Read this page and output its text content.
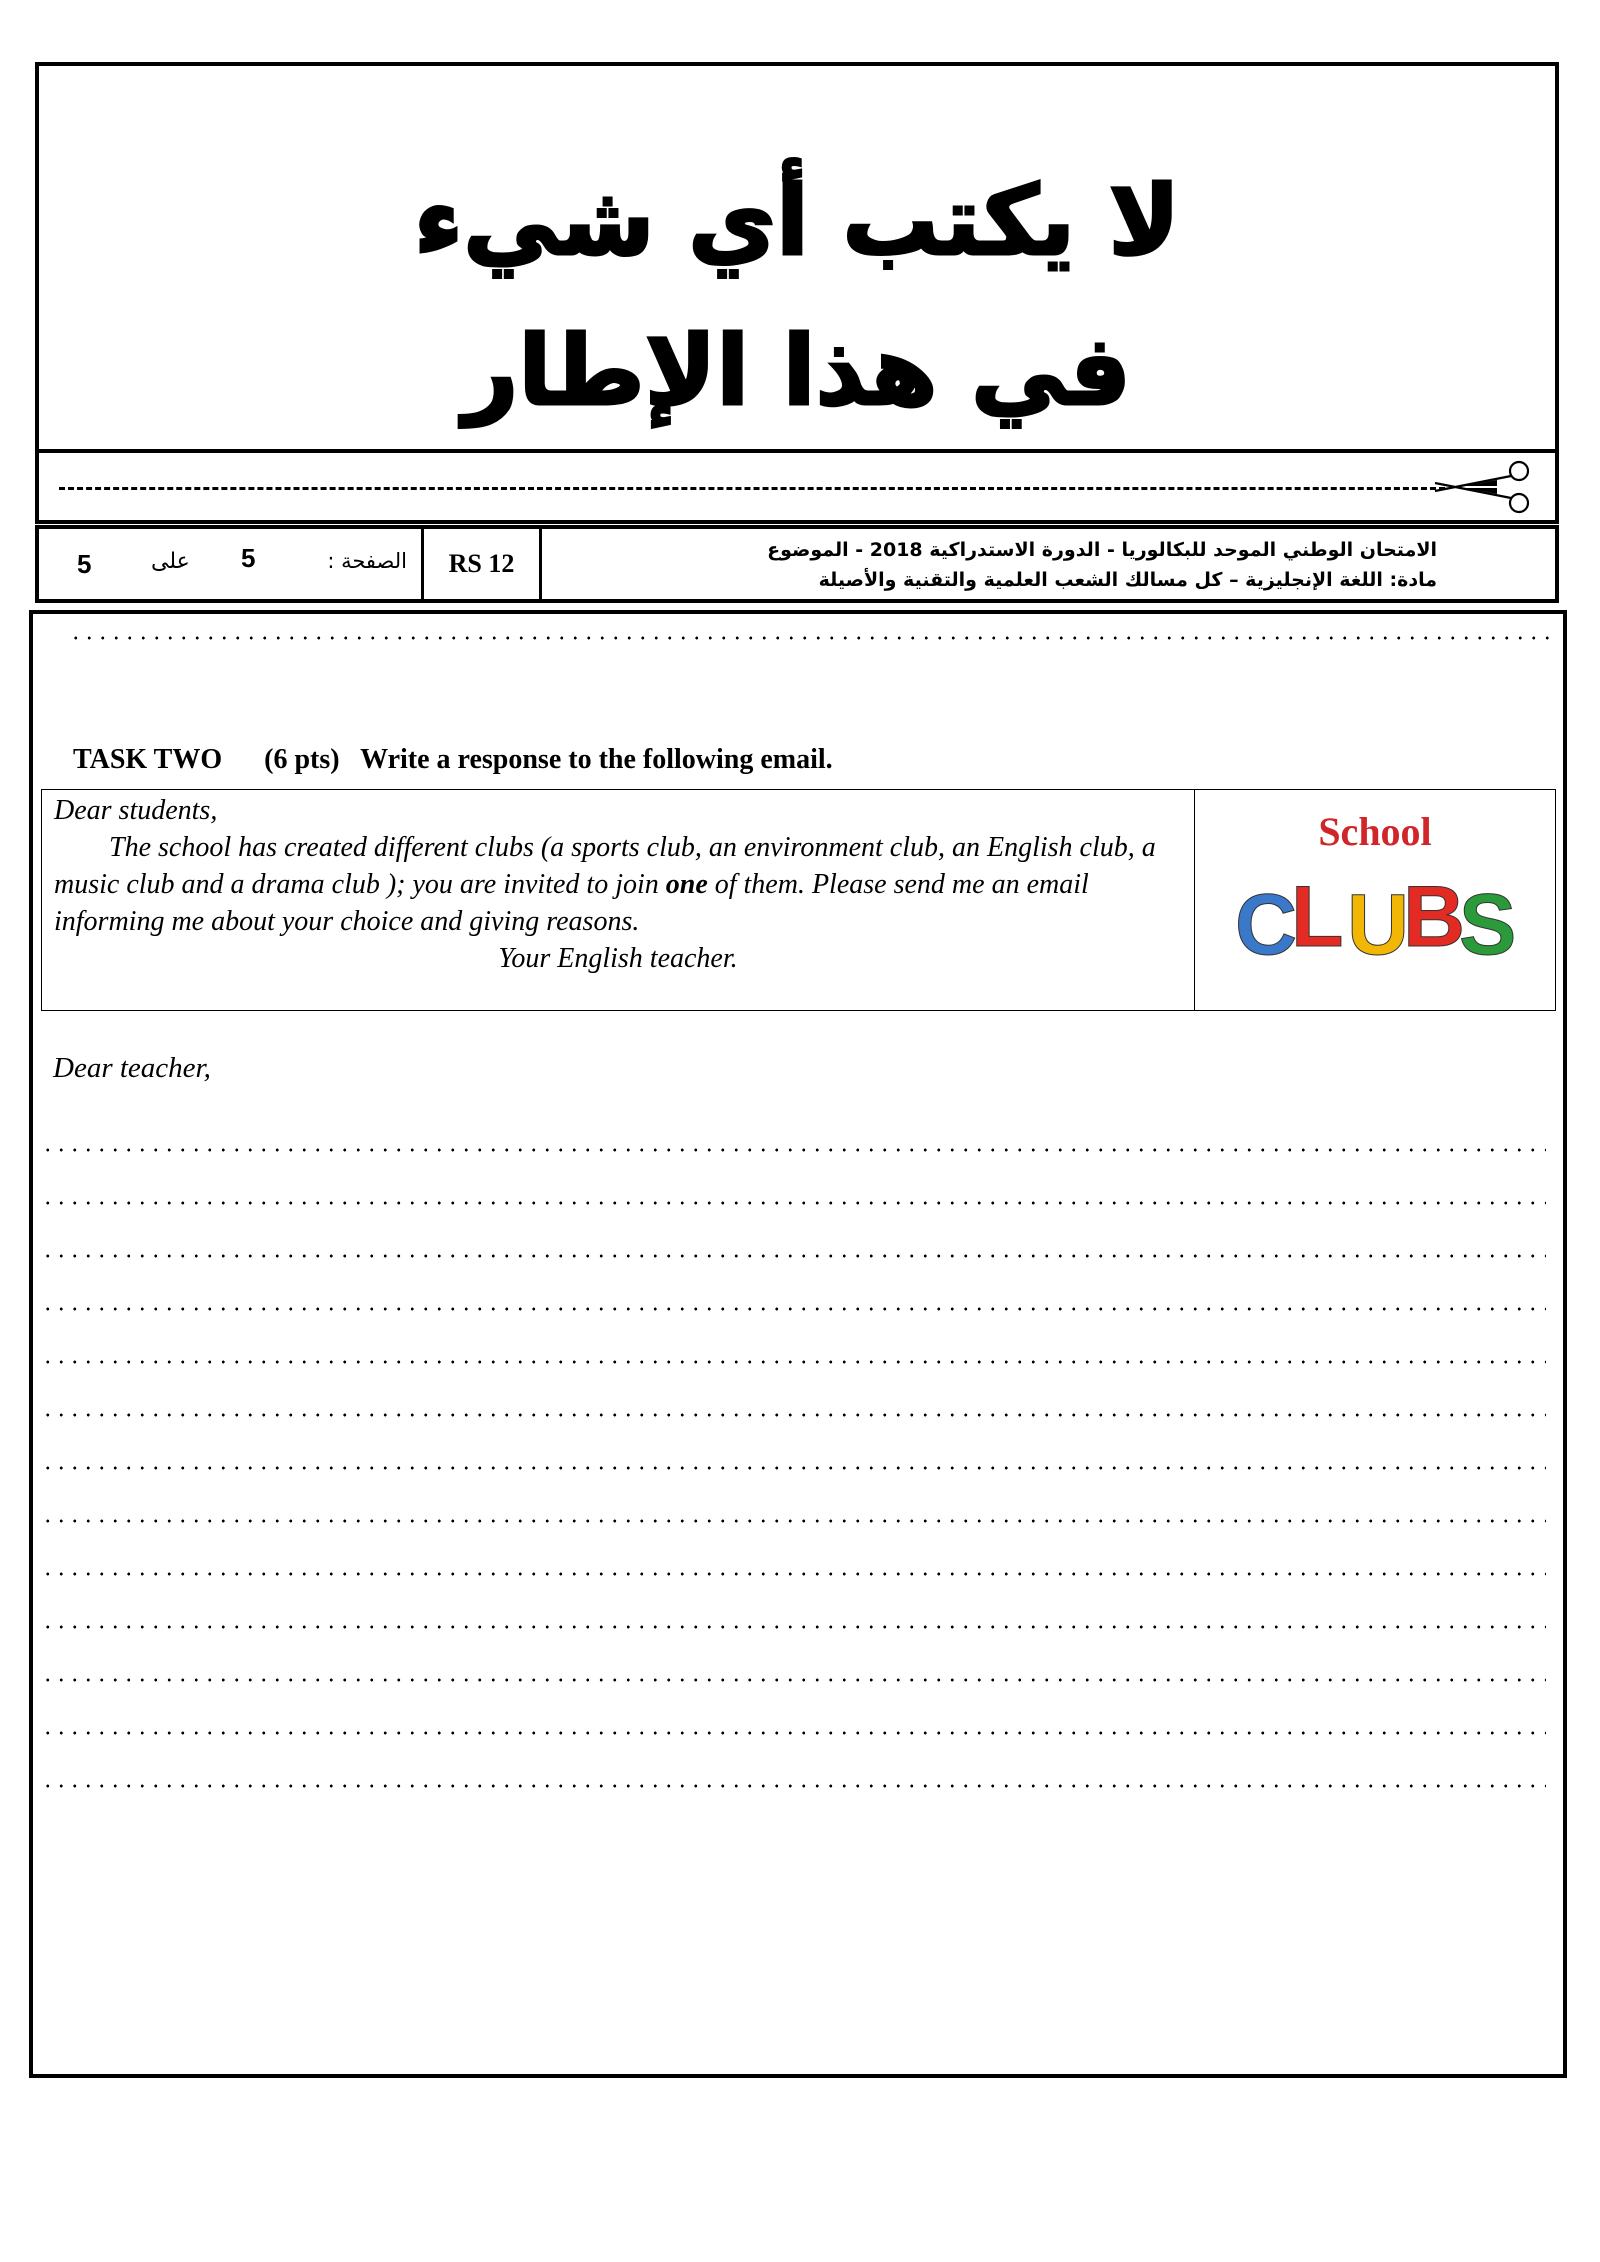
لا يكتب أي شيء
في هذا الإطار
5	على 5	الصفحة :	RS 12	الامتحان الوطني الموحد للبكالوريا - الدورة الاستدراكية 2018 - الموضوع
مادة: اللغة الإنجليزية – كل مسالك الشعب العلمية والتقنية والأصيلة
TASK TWO (6 pts) Write a response to the following email.

Dear students,

The school has created different clubs (a sports club, an environment club, an English club, a music club and a drama club ); you are invited to join one of them. Please send me an email informing me about your choice and giving reasons.

Your English teacher.

School
C
L U
B
S
Dear teacher,
